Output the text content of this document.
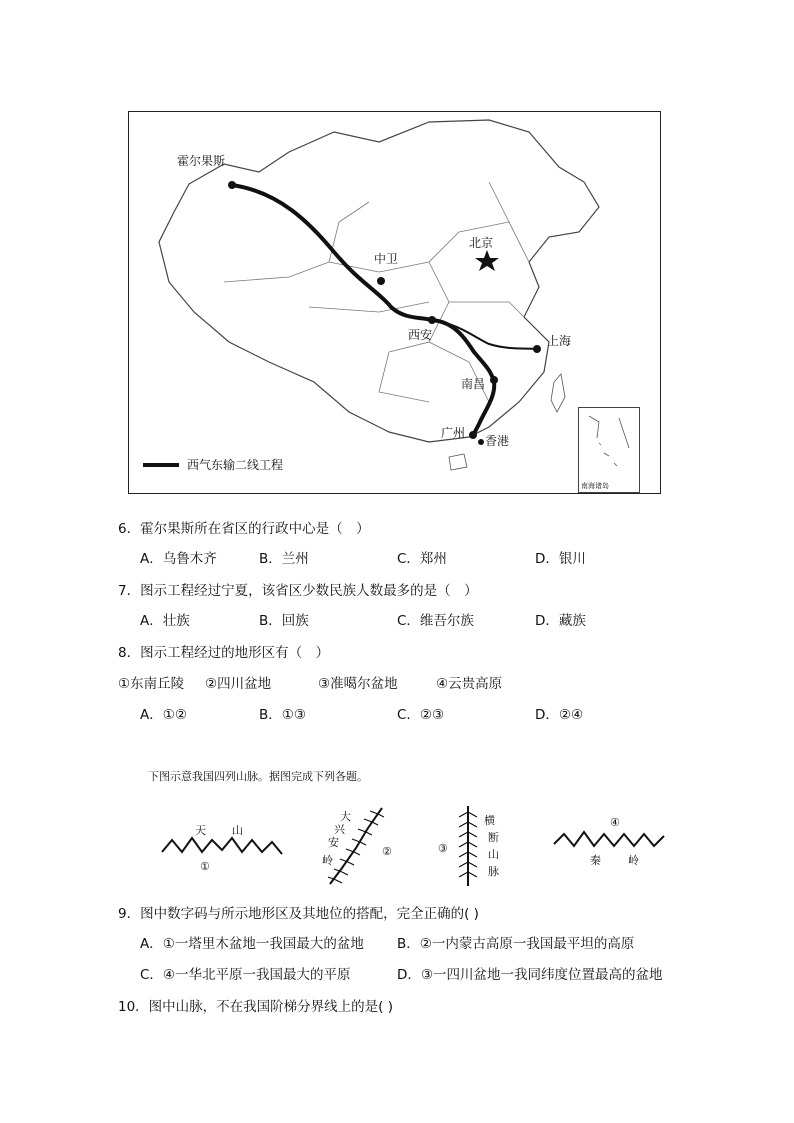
霍尔果斯
中卫
北京
西安	上海
南昌
广州
香港
西气东输二线工程
南海诸岛
6．霍尔果斯所在省区的行政中心是（　）
A．乌鲁木齐	B．兰州	C．郑州	D．银川
7．图示工程经过宁夏，该省区少数民族人数最多的是（　）
A．壮族	B．回族	C．维吾尔族	D．藏族
8．图示工程经过的地形区有（　）
①东南丘陵 ②四川盆地	③准噶尔盆地	④云贵高原
A．①②	B．①③	C．②③	D．②④
下图示意我国四列山脉。据图完成下列各题。
天 山
①
大
兴
安
岭
②	③
横
断
山
脉
④
秦 岭
9．图中数字码与所示地形区及其地位的搭配，完全正确的( )
A．①一塔里木盆地一我国最大的盆地 B．②一内蒙古高原一我国最平坦的高原
C．④一华北平原一我国最大的平原	D．③一四川盆地一我同纬度位置最高的盆地
10．图中山脉，不在我国阶梯分界线上的是( )
